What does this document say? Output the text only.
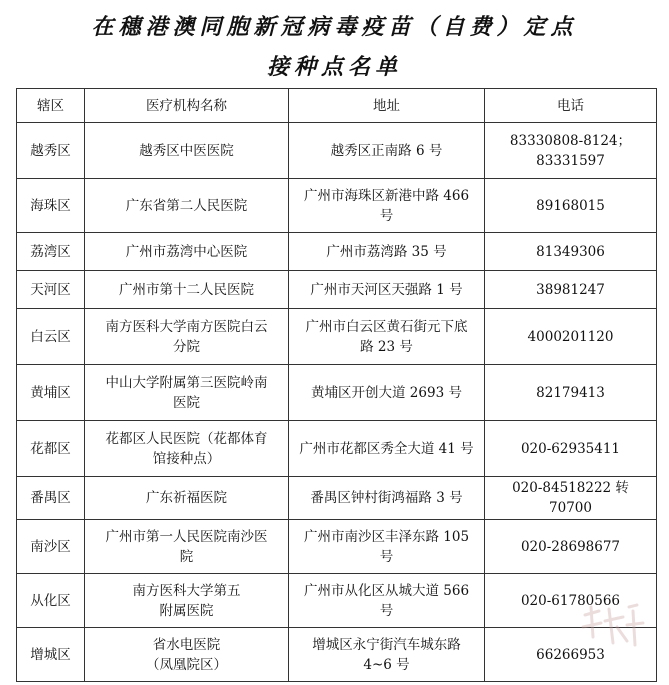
在穗港澳同胞新冠病毒疫苗（自费）定点
接种点名单
辖区	医疗机构名称	地址	电话
越秀区	越秀区中医医院	越秀区正南路 6 号	83330808-8124；
83331597
海珠区	广东省第二人民医院	广州市海珠区新港中路 466
号	89168015
荔湾区	广州市荔湾中心医院	广州市荔湾路 35 号	81349306
天河区	广州市第十二人民医院	广州市天河区天强路 1 号	38981247
白云区	南方医科大学南方医院白云
分院	广州市白云区黄石街元下底
路 23 号	4000201120
黄埔区	中山大学附属第三医院岭南
医院	黄埔区开创大道 2693 号	82179413
花都区	花都区人民医院（花都体育
馆接种点）	广州市花都区秀全大道 41 号	020-62935411
番禺区	广东祈福医院	番禺区钟村街鸿福路 3 号	020-84518222 转 70700
南沙区	广州市第一人民医院南沙医
院	广州市南沙区丰泽东路 105
号	020-28698677
从化区	南方医科大学第五
附属医院	广州市从化区从城大道 566
号	020-61780566
增城区	省水电医院
（凤凰院区）	增城区永宁街汽车城东路
4~6 号	66266953
